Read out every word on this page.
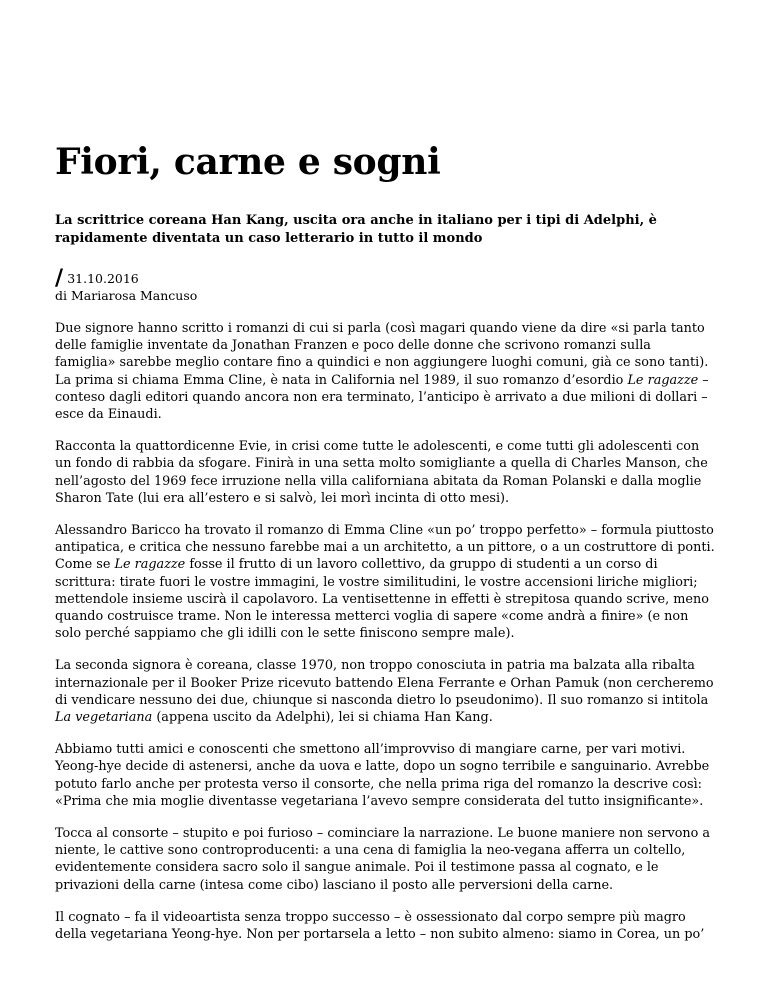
Fiori, carne e sogni
La scrittrice coreana Han Kang, uscita ora anche in italiano per i tipi di Adelphi, è rapidamente diventata un caso letterario in tutto il mondo
/ 31.10.2016
di Mariarosa Mancuso

Due signore hanno scritto i romanzi di cui si parla (così magari quando viene da dire «si parla tanto delle famiglie inventate da Jonathan Franzen e poco delle donne che scrivono romanzi sulla famiglia» sarebbe meglio contare fino a quindici e non aggiungere luoghi comuni, già ce sono tanti). La prima si chiama Emma Cline, è nata in California nel 1989, il suo romanzo d’esordio Le ragazze – conteso dagli editori quando ancora non era terminato, l’anticipo è arrivato a due milioni di dollari – esce da Einaudi.

Racconta la quattordicenne Evie, in crisi come tutte le adolescenti, e come tutti gli adolescenti con un fondo di rabbia da sfogare. Finirà in una setta molto somigliante a quella di Charles Manson, che nell’agosto del 1969 fece irruzione nella villa californiana abitata da Roman Polanski e dalla moglie Sharon Tate (lui era all’estero e si salvò, lei morì incinta di otto mesi).

Alessandro Baricco ha trovato il romanzo di Emma Cline «un po’ troppo perfetto» – formula piuttosto antipatica, e critica che nessuno farebbe mai a un architetto, a un pittore, o a un costruttore di ponti. Come se Le ragazze fosse il frutto di un lavoro collettivo, da gruppo di studenti a un corso di scrittura: tirate fuori le vostre immagini, le vostre similitudini, le vostre accensioni liriche migliori; mettendole insieme uscirà il capolavoro. La ventisettenne in effetti è strepitosa quando scrive, meno quando costruisce trame. Non le interessa metterci voglia di sapere «come andrà a finire» (e non solo perché sappiamo che gli idilli con le sette finiscono sempre male).

La seconda signora è coreana, classe 1970, non troppo conosciuta in patria ma balzata alla ribalta internazionale per il Booker Prize ricevuto battendo Elena Ferrante e Orhan Pamuk (non cercheremo di vendicare nessuno dei due, chiunque si nasconda dietro lo pseudonimo). Il suo romanzo si intitola La vegetariana (appena uscito da Adelphi), lei si chiama Han Kang.

Abbiamo tutti amici e conoscenti che smettono all’improvviso di mangiare carne, per vari motivi. Yeong-hye decide di astenersi, anche da uova e latte, dopo un sogno terribile e sanguinario. Avrebbe potuto farlo anche per protesta verso il consorte, che nella prima riga del romanzo la descrive così: «Prima che mia moglie diventasse vegetariana l’avevo sempre considerata del tutto insignificante».

Tocca al consorte – stupito e poi furioso – cominciare la narrazione. Le buone maniere non servono a niente, le cattive sono controproducenti: a una cena di famiglia la neo-vegana afferra un coltello, evidentemente considera sacro solo il sangue animale. Poi il testimone passa al cognato, e le privazioni della carne (intesa come cibo) lasciano il posto alle perversioni della carne.

Il cognato – fa il videoartista senza troppo successo – è ossessionato dal corpo sempre più magro della vegetariana Yeong-hye. Non per portarsela a letto – non subito almeno: siamo in Corea, un po’
